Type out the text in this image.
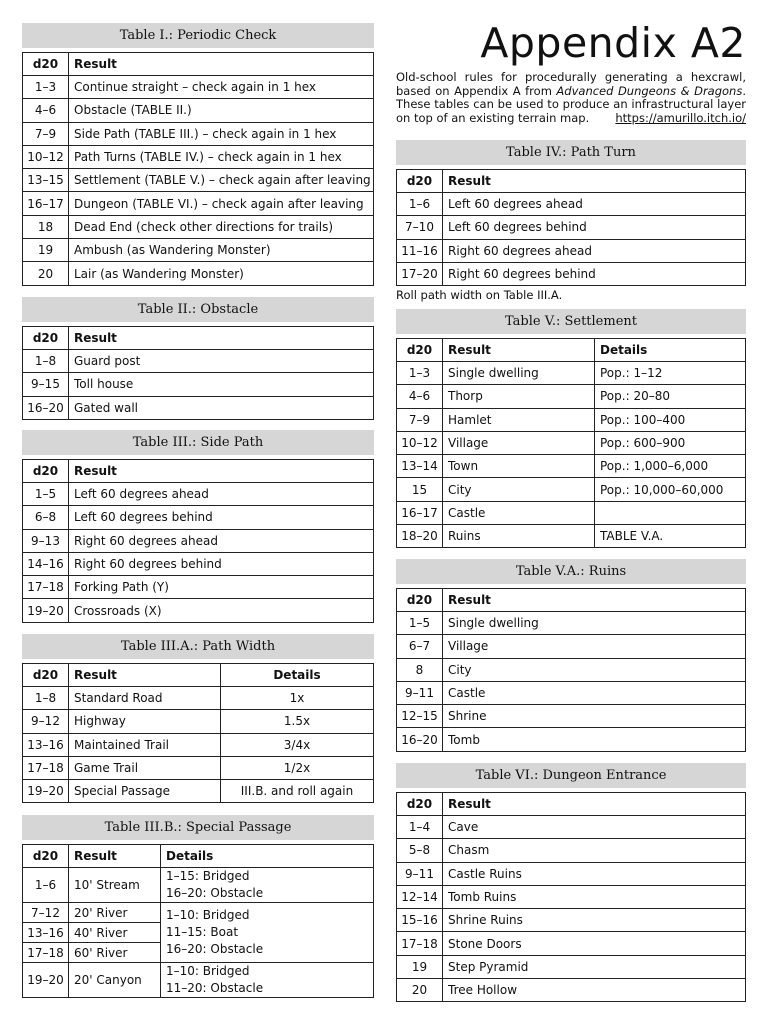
Appendix A2

Old-school rules for procedurally generating a hexcrawl, based on Appendix A from Advanced Dungeons & Dragons. These tables can be used to produce an infrastructural layer on top of an existing terrain map. https://amurillo.itch.io/

Table I.: Periodic Check
d20	Result
1–3	Continue straight – check again in 1 hex
4–6	Obstacle (TABLE II.)
7–9	Side Path (TABLE III.) – check again in 1 hex
10–12	Path Turns (TABLE IV.) – check again in 1 hex
13–15	Settlement (TABLE V.) – check again after leaving
16–17	Dungeon (TABLE VI.) – check again after leaving
18	Dead End (check other directions for trails)
19	Ambush (as Wandering Monster)
20	Lair (as Wandering Monster)
Table II.: Obstacle
d20	Result
1–8	Guard post
9–15	Toll house
16–20	Gated wall
Table III.: Side Path
d20	Result
1–5	Left 60 degrees ahead
6–8	Left 60 degrees behind
9–13	Right 60 degrees ahead
14–16	Right 60 degrees behind
17–18	Forking Path (Y)
19–20	Crossroads (X)
Table III.A.: Path Width
d20	Result	Details
1–8	Standard Road	1x
9–12	Highway	1.5x
13–16	Maintained Trail	3/4x
17–18	Game Trail	1/2x
19–20	Special Passage	III.B. and roll again
Table III.B.: Special Passage
d20	Result	Details
1–6	10' Stream	1–15: Bridged
16–20: Obstacle

7–12	20' River	1–10: Bridged
11–15: Boat
16–20: Obstacle

13–16	40' River	
17–18	60' River	
19–20	20' Canyon	1–10: Bridged
11–20: Obstacle
Table IV.: Path Turn
d20	Result
1–6	Left 60 degrees ahead
7–10	Left 60 degrees behind
11–16	Right 60 degrees ahead
17–20	Right 60 degrees behind
Roll path width on Table III.A.
Table V.: Settlement
d20	Result	Details
1–3	Single dwelling	Pop.: 1–12
4–6	Thorp	Pop.: 20–80
7–9	Hamlet	Pop.: 100–400
10–12	Village	Pop.: 600–900
13–14	Town	Pop.: 1,000–6,000
15	City	Pop.: 10,000–60,000
16–17	Castle	
18–20	Ruins	TABLE V.A.
Table V.A.: Ruins
d20	Result
1–5	Single dwelling
6–7	Village
8	City
9–11	Castle
12–15	Shrine
16–20	Tomb
Table VI.: Dungeon Entrance
d20	Result
1–4	Cave
5–8	Chasm
9–11	Castle Ruins
12–14	Tomb Ruins
15–16	Shrine Ruins
17–18	Stone Doors
19	Step Pyramid
20	Tree Hollow
